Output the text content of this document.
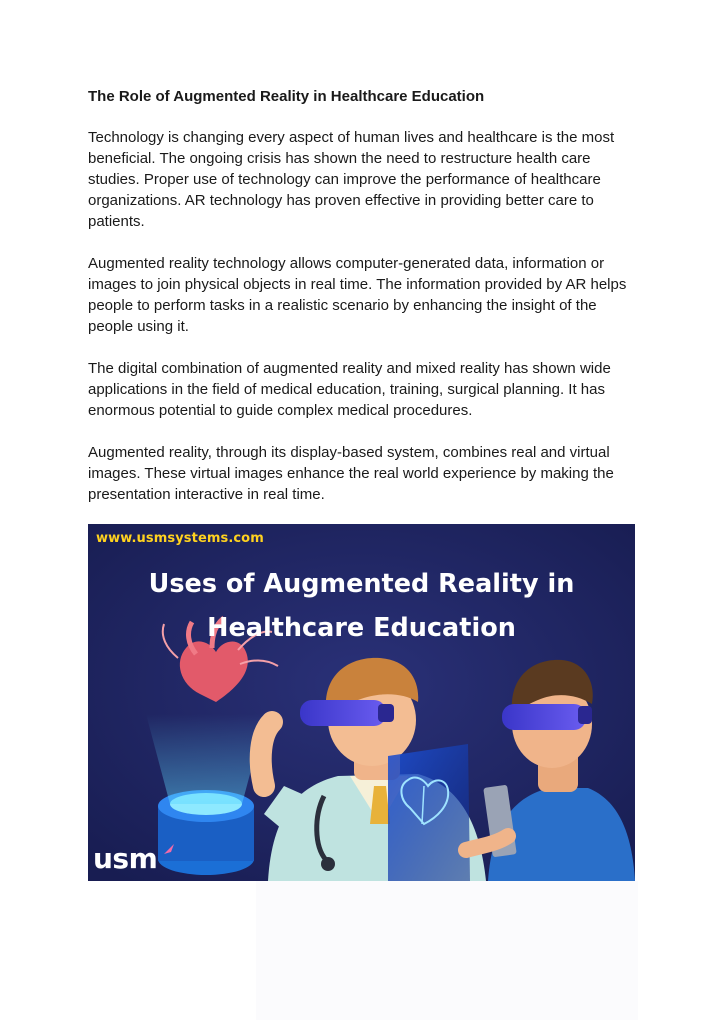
The Role of Augmented Reality in Healthcare Education

Technology is changing every aspect of human lives and healthcare is the most beneficial. The ongoing crisis has shown the need to restructure health care studies. Proper use of technology can improve the performance of healthcare organizations. AR technology has proven effective in providing better care to patients.

Augmented reality technology allows computer-generated data, information or images to join physical objects in real time. The information provided by AR helps people to perform tasks in a realistic scenario by enhancing the insight of the people using it.

The digital combination of augmented reality and mixed reality has shown wide applications in the field of medical education, training, surgical planning. It has enormous potential to guide complex medical procedures.

Augmented reality, through its display-based system, combines real and virtual images. These virtual images enhance the real world experience by making the presentation interactive in real time.

www.usmsystems.com
Uses of Augmented Reality in
Healthcare Education
usm
